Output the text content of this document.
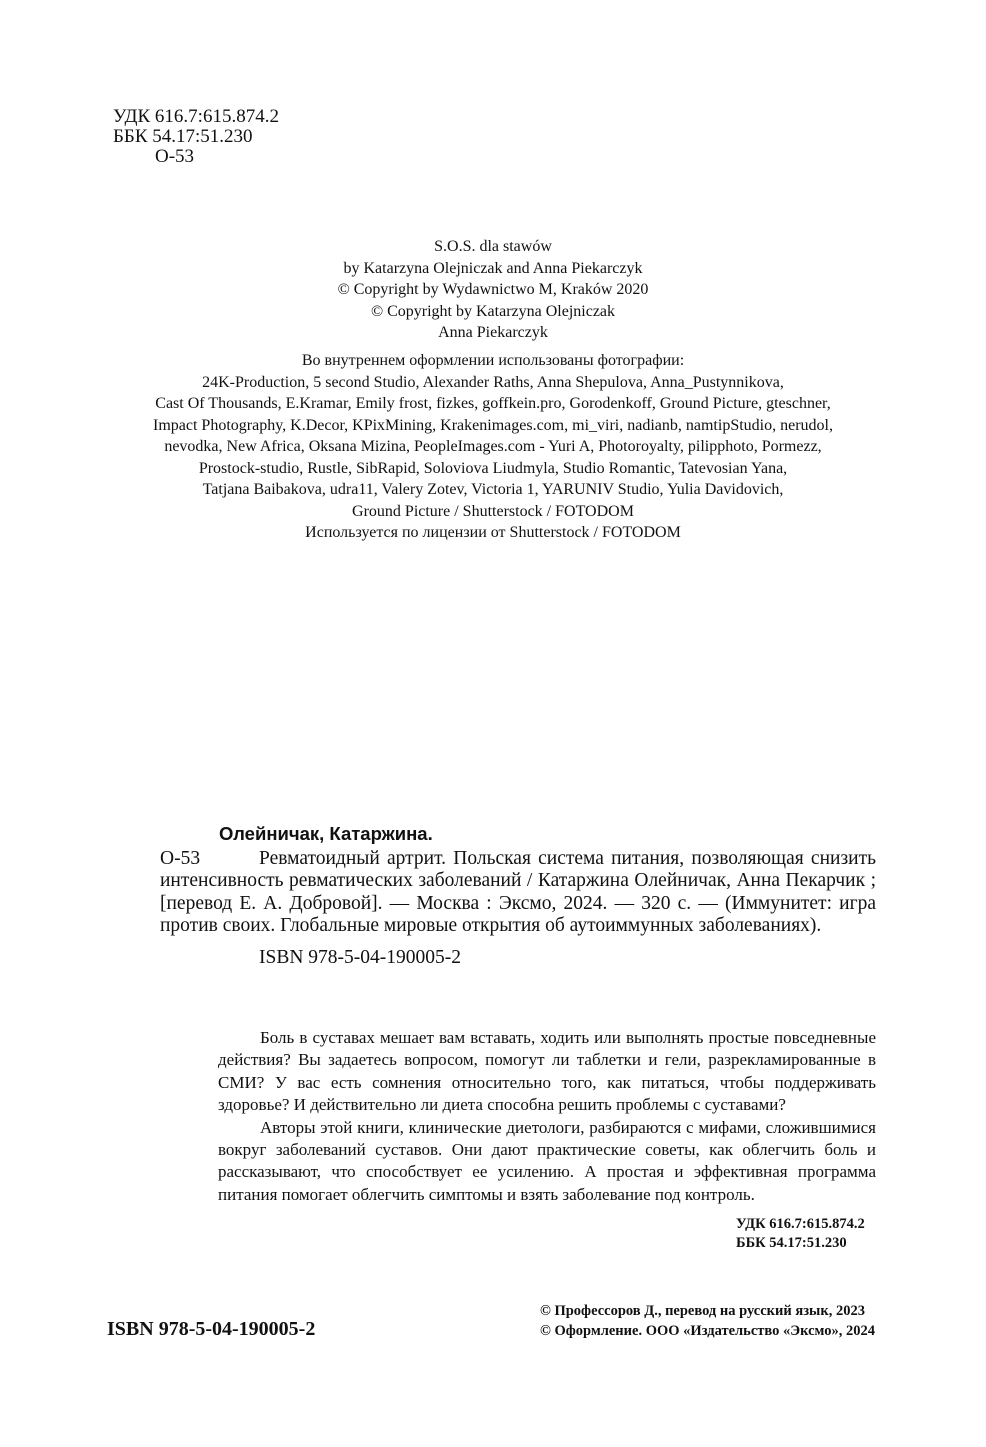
УДК 616.7:615.874.2
ББК 54.17:51.230
О-53
S.O.S. dla stawów
by Katarzyna Olejniczak and Anna Piekarczyk
© Copyright by Wydawnictwo M, Kraków 2020
© Copyright by Katarzyna Olejniczak
Anna Piekarczyk
Во внутреннем оформлении использованы фотографии:
24K-Production, 5 second Studio, Alexander Raths, Anna Shepulova, Anna_Pustynnikova,
Cast Of Thousands, E.Kramar, Emily frost, fizkes, goffkein.pro, Gorodenkoff, Ground Picture, gteschner,
Impact Photography, K.Decor, KPixMining, Krakenimages.com, mi_viri, nadianb, namtipStudio, nerudol,
nevodka, New Africa, Oksana Mizina, PeopleImages.com - Yuri A, Photoroyalty, pilipphoto, Pormezz,
Prostock-studio, Rustle, SibRapid, Soloviova Liudmyla, Studio Romantic, Tatevosian Yana,
Tatjana Baibakova, udra11, Valery Zotev, Victoria 1, YARUNIV Studio, Yulia Davidovich,
Ground Picture / Shutterstock / FOTODOM
Используется по лицензии от Shutterstock / FOTODOM
Олейничак, Катаржина.
О-53	Ревматоидный артрит. Польская система питания, позволяющая снизить интенсивность ревматических заболеваний / Катаржина Олейничак, Анна Пекарчик ; [перевод Е. А. Добровой]. — Москва : Эксмо, 2024. — 320 с. — (Иммунитет: игра против своих. Глобальные мировые открытия об аутоиммунных заболеваниях).
ISBN 978-5-04-190005-2

Боль в суставах мешает вам вставать, ходить или выполнять простые повседневные действия? Вы задаетесь вопросом, помогут ли таблетки и гели, разрекламированные в СМИ? У вас есть сомнения относительно того, как питаться, чтобы поддерживать здоровье? И действительно ли диета способна решить проблемы с суставами?

Авторы этой книги, клинические диетологи, разбираются с мифами, сложившимися вокруг заболеваний суставов. Они дают практические советы, как облегчить боль и рассказывают, что способствует ее усилению. А простая и эффективная программа питания помогает облегчить симптомы и взять заболевание под контроль.

УДК 616.7:615.874.2
ББК 54.17:51.230
ISBN 978-5-04-190005-2
© Профессоров Д., перевод на русский язык, 2023
© Оформление. ООО «Издательство «Эксмо», 2024
